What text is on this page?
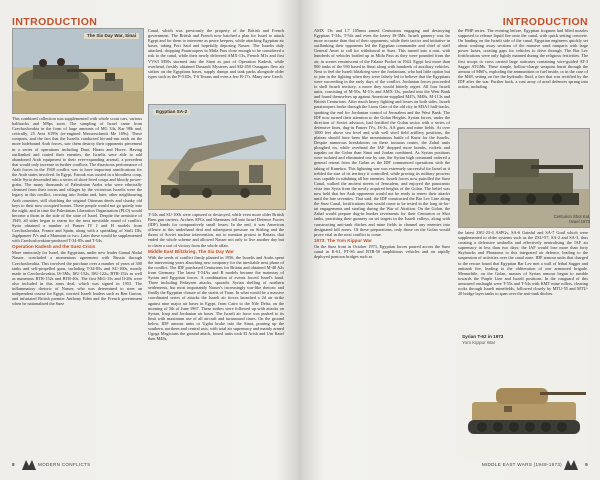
INTRODUCTION
The Six Day War, Sinai

This combined collection was supplemented with whole scout cars, various halftracks and M9ps soon. The sampling of Israel came from Czechoslovakia in the form of large amounts of MG 34s, Kar 98k and, critically, 25 Avia S199s (re-engined Messerschmitt Me 109s). These weapons, and the fact that the Israelis conducted hit-and-run raids on the more hidebound Arab forces, saw them destroy their opponents piecemeal in a series of operations including Dani, Hiram and Horev. Having outflanked and routed their enemies, the Israelis were able to add abandoned Arab equipment to their ever-expanding arsenal, a precedent that would only increase in further conflicts. The disastrous performance of Arab forces in the 1948 conflict was to have important ramifications for the Arab states involved. In Egypt, Farouk was ousted in a bloodless coup, while Syria descended into a series of short-lived coups and bloody power-grabs. The many thousands of Palestinian Arabs who were ethnically cleansed from their towns and villages by the victorious Israelis were the legacy in this conflict, crossing into Jordan and, later, other neighbouring Arab countries, still clutching the original Ottoman deeds and clunky old keys to their now occupied homes. These people would not go quietly into the night, and in time the Palestinian Liberation Organisation (PLO) would become a thorn in the side of the state of Israel. Despite the armistice of 1949, all sides began to rearm for the next inevitable round of conflict. Syria obtained a number of Panzer IV J and H models from Czechoslovakia, France and Spain, along with a sprinkling of StuG IIIs, Jagdpanzer IVs and a Marmont or two. Later these would be supplemented with Czechoslovakian-produced T-34-85s and T-54s.

Operation Kadesh and the Suez Crisis

More ominously for Israel, the Egyptians, under new leader Gamal Abdul Nasser, concluded a momentous agreement with Russia through Czechoslovakia. This involved the purchase over a number of years of 300 tanks and self-propelled guns, including T-34-85s and SU-100s, mostly made in Czechoslovakia, IS-3Ms, ISU-152s, ISU-122s, BTR-152s as well as numerous BTR-152s and BTR-40s. The first MiG-15s and Il-28s were also included in this arms deal, which was signed in 1955. The inflammatory rhetoric of Nasser, who was determined to steer an independent course for Egypt, worried Israeli leaders such as Ben Gurion, and infuriated British premier Anthony Eden and the French government when he nationalised the Suez

Canal, which was previously the property of the British and French government. The British and French now hatched a plan for Israel to attack Egypt and for them to intervene as peace keepers, while attacking Egyptian air bases, taking Port Said and hopefully deposing Nasser. The Israelis duly attacked, dropping Paratroopers in Mitla Pass close enough to be considered a risk to the canal, while their newly delivered AMX-13s, French M1s and first VVS3 M50s stormed into the Sinai as part of Operation Kadesh, while overhead, freshly obtained Dassault Mysteres and M2-450 Ouragans flew air strikes on the Egyptians bases, supply dumps and tank parks alongside older types such as the P-51Ds, T-6 Texans and even a few B-17s. Many new Czech

Egyptian SA-2

T-34s and SU-100s were captured or destroyed, while even more older British Bren gun carriers, Archers SPGs and Shermans fell into Israel Defence Forces (IDF) hands for comparatively small losses. In the end, it was American offence at this underhand deal and subsequent pressure on Stirling and the threat of Soviet nuclear intervention, not to mention protest in Britain, that ended the whole scheme and allowed Nasser not only to live another day but to claim a sort of victory from the whole affair.

Middle East Blitzkrieg, The Six Day War

With the seeds of conflict firmly planted in 1956, the Israelis and Arabs spent the intervening years absorbing new weaponry for the inevitable next phase of the conflict. The IDF purchased Centurions for Britain and obtained M-48 A2s from Germany. The latest T-54As and B models became the mainstay of Syrian and Egyptian forces. A combination of events forced Israel's hand. Three including Fedayeen attacks, sporadic Syrian shelling of northern settlements, but most importantly Nasser's increasingly war-like rhetoric and finally the Egyptian closure of the straits of Tiran. In what would be a massive coordinated series of attacks the Israeli air forces launched a 2d air strike against nine major air bases in Egypt, from Cairo to the Nile Delta, on the morning of 5th of June 1967. These strikes were followed up with attacks on Syrian, Iraqi and Jordanian air bases. The Israeli air force was pushed to its limit with maximum use of all aircraft and turnaround times. On the ground below, IDF armour units or Ugdat broke into the Sinai, pouring up the southern, northern and central axis, with total air supremacy and mainly armed Ugoga Magicians the ground attack, boxed units took El Arish and Um Katef then M48s,

8	MODERN CONFLICTS
INTRODUCTION

AMX 13s and L7 105mm armed Centurions engaging and destroying Egyptian T-34s, T-54s and even the heavy IS-3Ms. Israeli gunnery was far more accurate than that of their opponents, while their tactics and initiative in outflanking their opponents led the Egyptian commander and chief of staff General Amer to call for withdrawal to Suez. This turned into a rout, with hundreds of vehicles bottled up in Mitla Pass as they were pounded from the air, in scenes reminiscent of the Falaise Pocket in 1944. Egypt lost more than 800 tanks of the 930 based in Sinai along with hundreds of auxiliary vehicles. Next to feel the Israeli blitzkrieg were the Jordanians, who had little option but to join in the fighting when they were falsely led to believe that the Egyptians were succeeding in the early days of the conflict. Jordanian forces proceeded to shell Israeli territory, a move they would bitterly regret. All four Israeli units, consisting of M-50s, M-51s and AMX-13s, pushed into the West Bank and found themselves up against American-supplied M47s, M48s, M-113s and British Centurions. After much heavy fighting and losses on both sides, Israeli paratroopers broke through the Lions Gate of the old city in M3A1 half-tracks, sparking the end for Jordanian control of Jerusalem and the West Bank. The IDF now turned their attention to the Golan Heights. Syrian forces, under the direction of Soviet advisors, had fortified the Golan sector with a series of defensive lines, dug-in Panzer IVs, JS-3s, AA guns and mine fields. At over 1000 feet above sea level and with well sited field artillery positions, the plateau should have been like mountainous battle of Kurtz for the Israelis. Despite numerous breakdowns on these tortuous routes, the Zahal units ploughed on, while overhead the IAF dropped more bombs, rockets and napalm on the Golan than Sinai and Jordan combined. As Syrian positions were isolated and eliminated one by one, the Syrian high command ordered a general retreat from the Golan as the IDF commenced operations with the taking of Kuneitra. This lightning war was extremely successful for Israel as it trebled the size of its territory it controlled, while proving its military prowess was capable in subduing all her enemies. Israeli forces now patrolled the Suez Canal, walked the ancient streets of Jerusalem, and enjoyed the panoramic vista into Syria from the newly acquired heights of the Golan. The belief was now held that her Arab opponents would not be ready to renew their attacks until the late seventies. That said, the IDF constructed the Bar Lev Line along the Suez Canal, fortifications that would come to be tested in the long tit-for-tat engagements and strafing during the War of Attrition. On the Golan, the Zahal would prepare dug-in hunker revetments for their Centurion or Shot tanks, practising their gunnery on set targets in the Israeli valleys, along with constructing anti-tank ditches and mine fields to channel any enemies into designated kill zones. Of these preparations, only those on the Golan would prove vital in the next conflict to come.

1973: The Yom Kippur War

On the Suez front in October 1973, Egyptian forces poured across the Suez canal in K-61, PT-S6 and BTR-50 amphibious vehicles and on rapidly deployed pontoon bridges such as

the PMP series. The evening before, Egyptian frogmen had filled nozzles supposed to release liquid fire onto the canal, with quick setting concrete. On landing on the Israeli side of the canal, Egyptian engineers quickly set about washing away sections of the massive sand ramparts with large power hoses, creating gaps for vehicles to drive through. The Bar Lev fortifications were only lightly manned during the religious festivities. The first troops to cross carried large suitcases containing wire-guided AT-3 Sagger ATGMs. These simple, hollow-charge weapons burnt through the armour of M60's, exploding the ammunition or fuel inside, or in the case of the M48, setting on fire the hydraulic fluid, a fact that was rectified by the IDF after the war. Further back, a vast array of areal defences sprang into action, including

Centurion Shot Kal, Israel 1973

the latest ZSU-23-4 ASPGs, SA-6 Gainful and SA-7 Grail which were supplemented to older systems such as the ZSU-57, SA-2 and SA-3, thus creating a defensive umbrella and effectively neutralising the IAF air supremacy in less than two days; the IAF would lose more than forty Skyhawks and Phantoms to this integrated air defence, leading to the suspension of activities over the canal zone. IDF armour units that charged to the rescue found that Egyptian Bar Lev met a wall of lethal Sagger and antitank fire, leading to the obliteration of one armoured brigade. Meanwhile, on the Golan, masses of Syrian armour began to rumble towards the Purple Line and Israeli positions. In the vanguard of this armoured onslaught were T-55s and T-54s with KMT mine rollers, clearing rocks through Israeli minefields, followed closely by MTU-55 and MTU-20 bridge layer tanks to span over the anti-tank ditches.

Syrian T-62 in 1973
Yom Kippur War
MIDDLE EAST WARS (1948-1973)	9
